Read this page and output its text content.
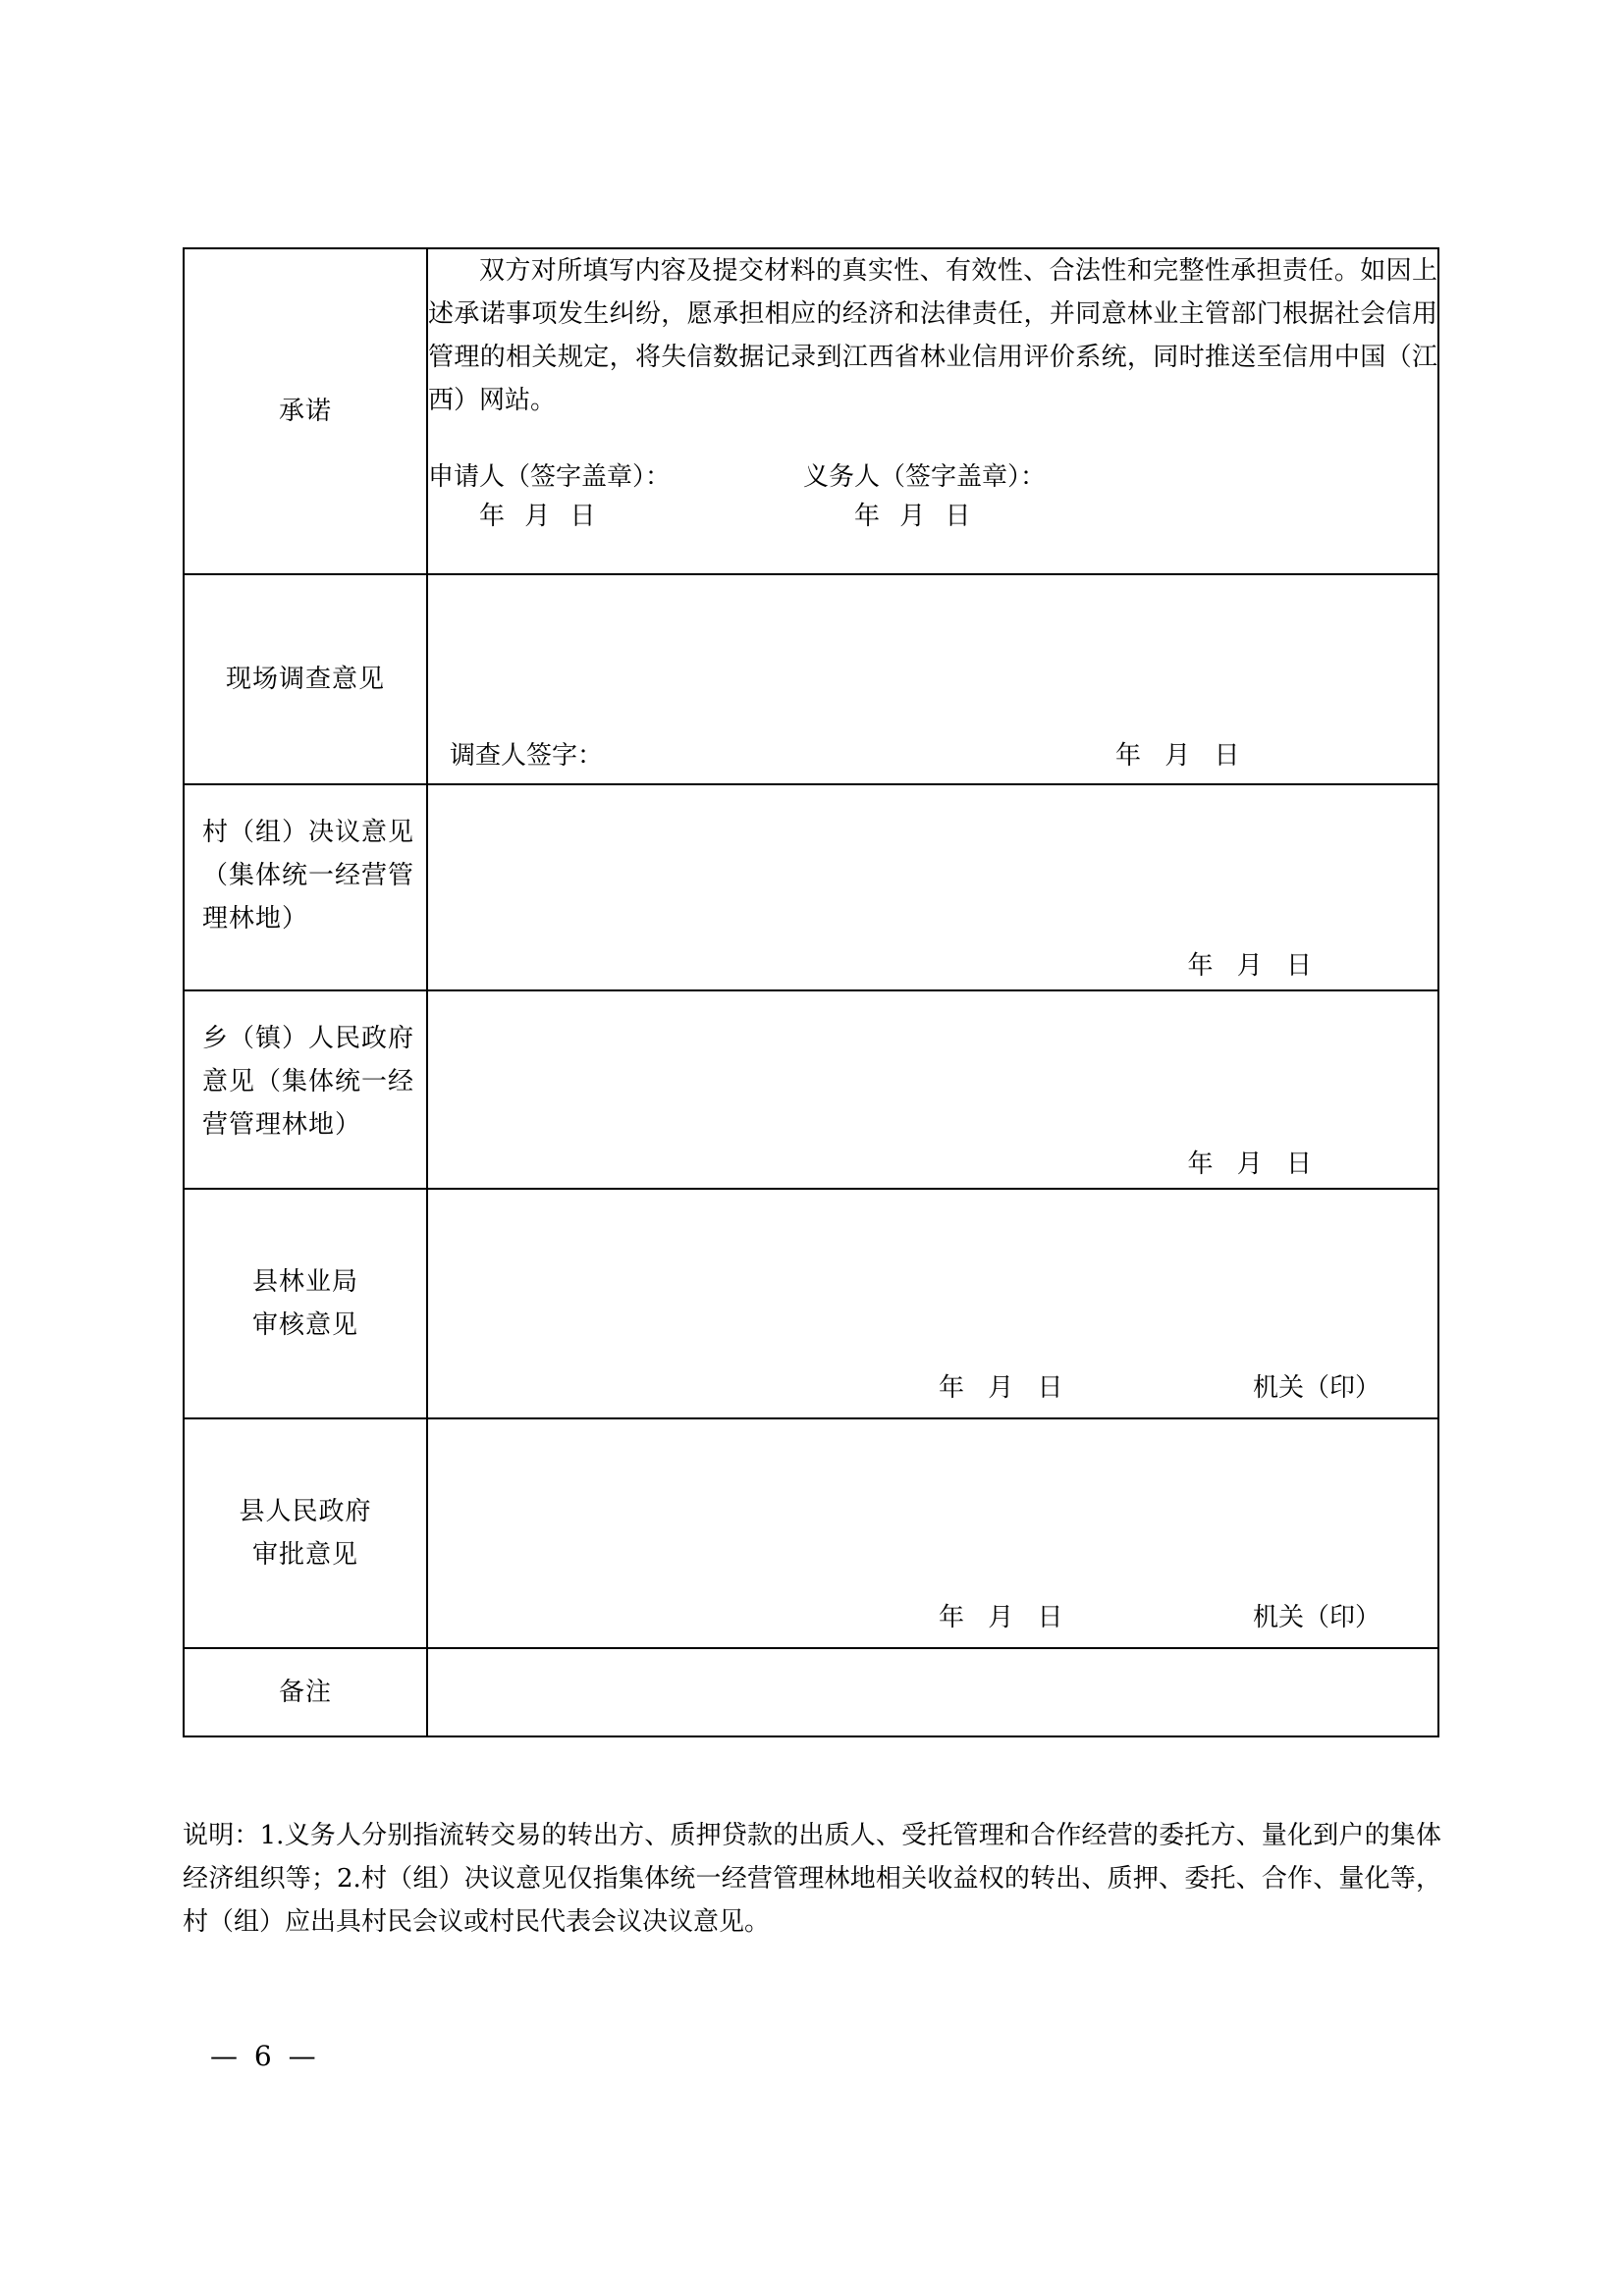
承诺	双方对所填写内容及提交材料的真实性、有效性、合法性和完整性承担责任。如因上述承诺事项发生纠纷，愿承担相应的经济和法律责任，并同意林业主管部门根据社会信用管理的相关规定，将失信数据记录到江西省林业信用评价系统，同时推送至信用中国（江西）网站。

申请人（签字盖章）： 义务人（签字盖章）：
年 月 日 年 月 日

现场调查意见	调查人签字： 年 月 日

村（组）决议意见（集体统一经营管理林地）	年 月 日

乡（镇）人民政府意见（集体统一经营管理林地）	年 月 日

县林业局
审核意见	年 月 日 机关（印）

县人民政府
审批意见	年 月 日 机关（印）

备注	

说明：1.义务人分别指流转交易的转出方、质押贷款的出质人、受托管理和合作经营的委托方、量化到户的集体经济组织等；2.村（组）决议意见仅指集体统一经营管理林地相关收益权的转出、质押、委托、合作、量化等，村（组）应出具村民会议或村民代表会议决议意见。
— 6 —
